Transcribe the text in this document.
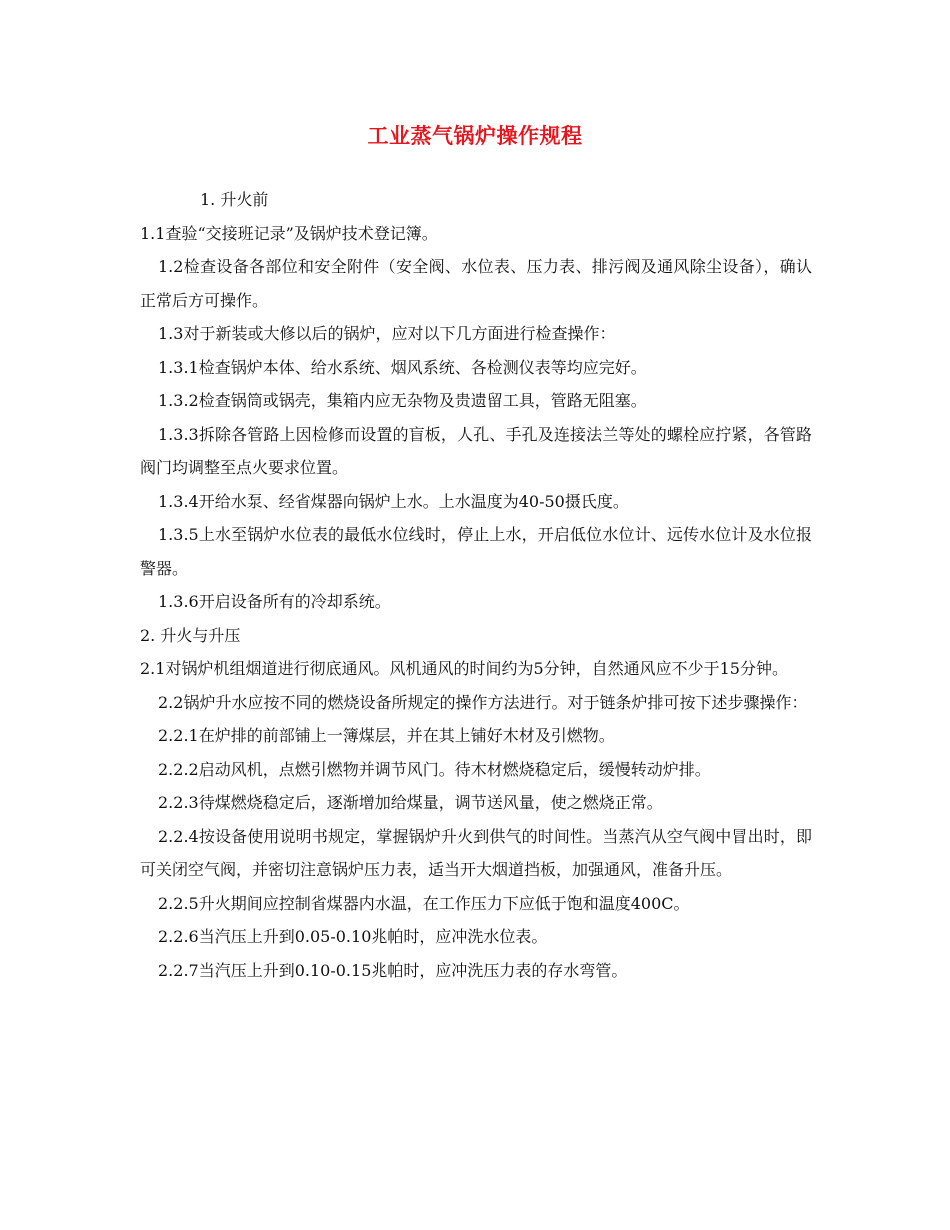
工业蒸气锅炉操作规程

1. 升火前

1.1查验“交接班记录”及锅炉技术登记簿。

1.2检查设备各部位和安全附件（安全阀、水位表、压力表、排污阀及通风除尘设备），确认正常后方可操作。

1.3对于新装或大修以后的锅炉，应对以下几方面进行检查操作：

1.3.1检查锅炉本体、给水系统、烟风系统、各检测仪表等均应完好。

1.3.2检查锅筒或锅壳，集箱内应无杂物及贵遗留工具，管路无阻塞。

1.3.3拆除各管路上因检修而设置的盲板，人孔、手孔及连接法兰等处的螺栓应拧紧，各管路阀门均调整至点火要求位置。

1.3.4开给水泵、经省煤器向锅炉上水。上水温度为40-50摄氏度。

1.3.5上水至锅炉水位表的最低水位线时，停止上水，开启低位水位计、远传水位计及水位报警器。

1.3.6开启设备所有的冷却系统。

2. 升火与升压

2.1对锅炉机组烟道进行彻底通风。风机通风的时间约为5分钟，自然通风应不少于15分钟。

2.2锅炉升水应按不同的燃烧设备所规定的操作方法进行。对于链条炉排可按下述步骤操作：

2.2.1在炉排的前部铺上一簿煤层，并在其上铺好木材及引燃物。

2.2.2启动风机，点燃引燃物并调节风门。待木材燃烧稳定后，缓慢转动炉排。

2.2.3待煤燃烧稳定后，逐渐增加给煤量，调节送风量，使之燃烧正常。

2.2.4按设备使用说明书规定，掌握锅炉升火到供气的时间性。当蒸汽从空气阀中冒出时，即可关闭空气阀，并密切注意锅炉压力表，适当开大烟道挡板，加强通风，准备升压。

2.2.5升火期间应控制省煤器内水温，在工作压力下应低于饱和温度400C。

2.2.6当汽压上升到0.05-0.10兆帕时，应冲洗水位表。

2.2.7当汽压上升到0.10-0.15兆帕时，应冲洗压力表的存水弯管。
